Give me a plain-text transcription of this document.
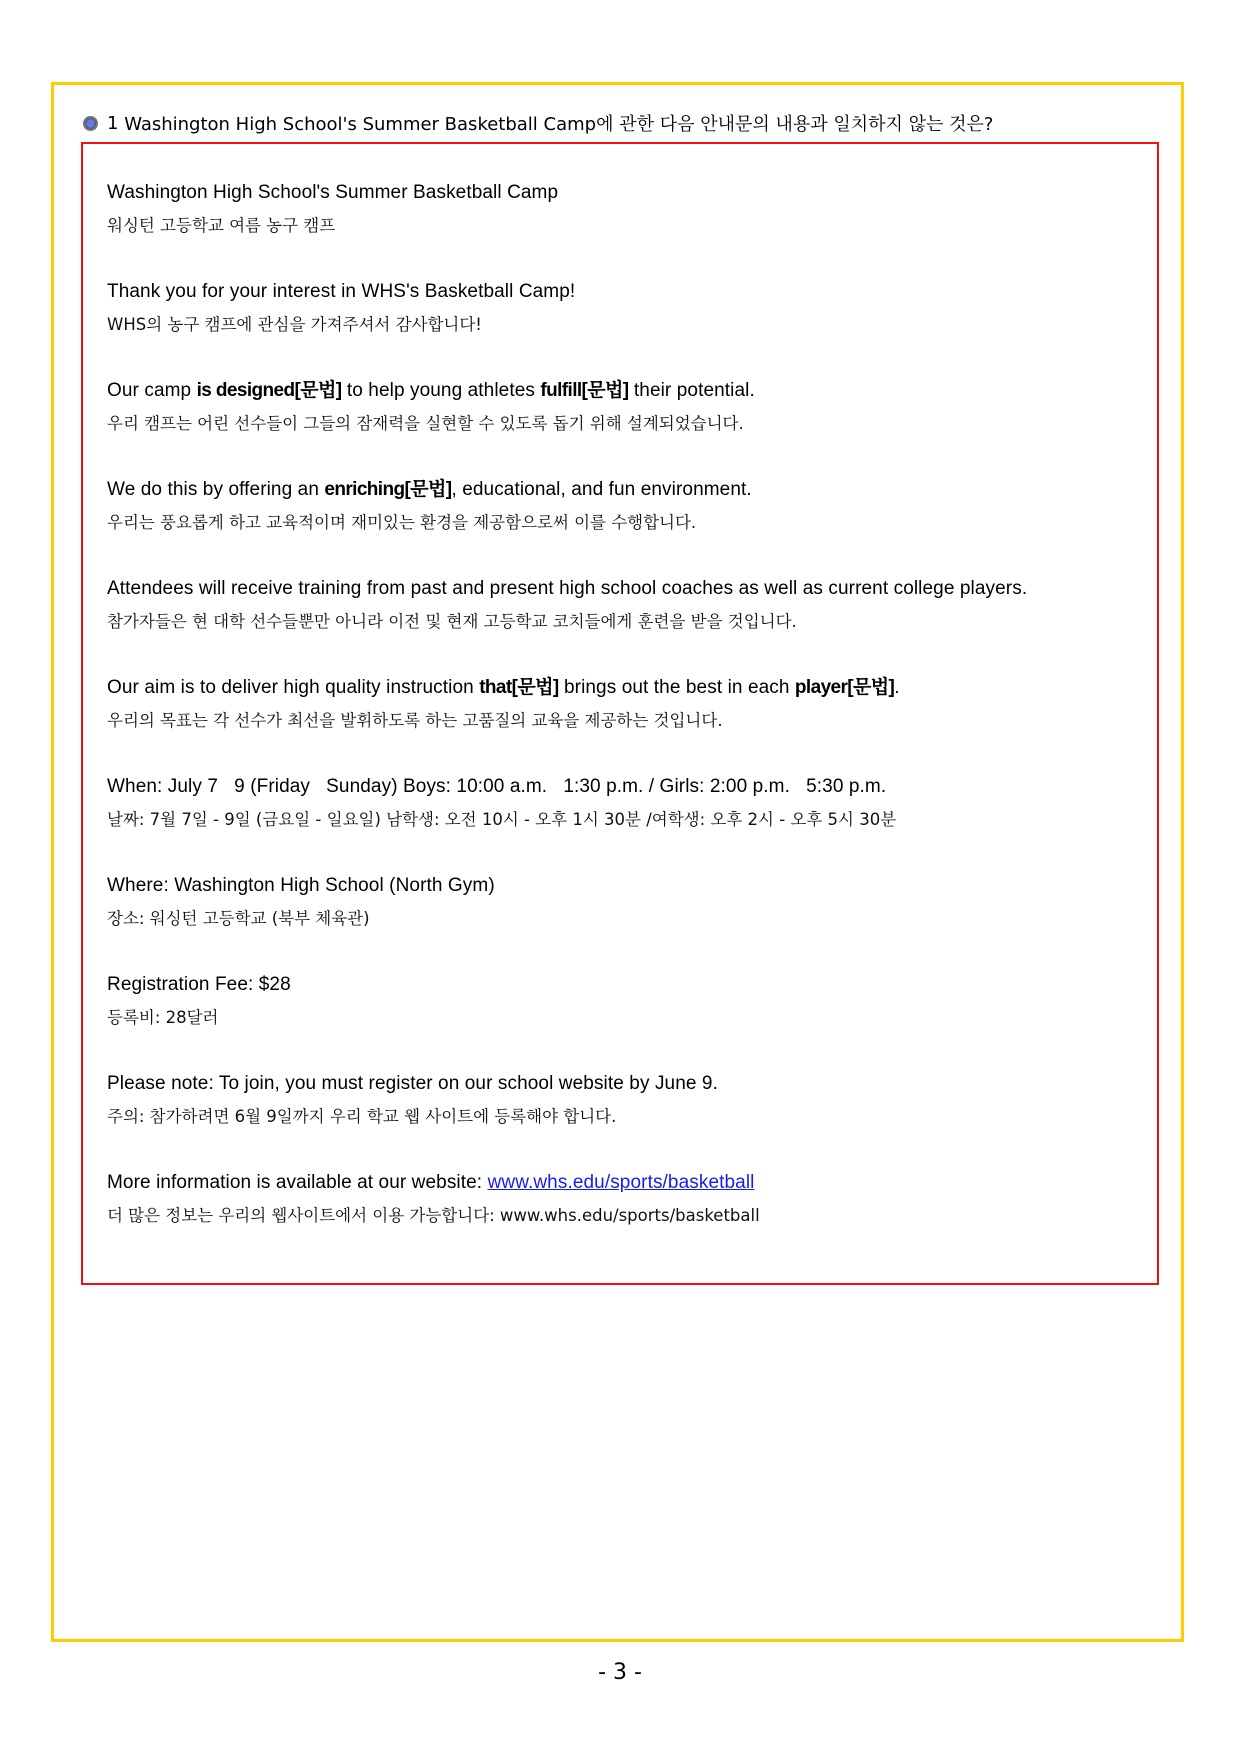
1
Washington High School's Summer Basketball Camp에 관한 다음 안내문의 내용과 일치하지 않는 것은?
Washington High School's Summer Basketball Camp
워싱턴 고등학교 여름 농구 캠프
Thank you for your interest in WHS's Basketball Camp!
WHS의 농구 캠프에 관심을 가져주셔서 감사합니다!
Our camp is designed[문법] to help young athletes fulfill[문법] their potential.
우리 캠프는 어린 선수들이 그들의 잠재력을 실현할 수 있도록 돕기 위해 설계되었습니다.
We do this by offering an enriching[문법], educational, and fun environment.
우리는 풍요롭게 하고 교육적이며 재미있는 환경을 제공함으로써 이를 수행합니다.
Attendees will receive training from past and present high school coaches as well as current college players.
참가자들은 현 대학 선수들뿐만 아니라 이전 및 현재 고등학교 코치들에게 훈련을 받을 것입니다.
Our aim is to deliver high quality instruction that[문법] brings out the best in each player[문법].
우리의 목표는 각 선수가 최선을 발휘하도록 하는 고품질의 교육을 제공하는 것입니다.
When: July 7   9 (Friday   Sunday) Boys: 10:00 a.m.   1:30 p.m. / Girls: 2:00 p.m.   5:30 p.m.
날짜: 7월 7일 - 9일 (금요일 - 일요일) 남학생: 오전 10시 - 오후 1시 30분 /여학생: 오후 2시 - 오후 5시 30분
Where: Washington High School (North Gym)
장소: 워싱턴 고등학교 (북부 체육관)
Registration Fee: $28
등록비: 28달러
Please note: To join, you must register on our school website by June 9.
주의: 참가하려면 6월 9일까지 우리 학교 웹 사이트에 등록해야 합니다.
More information is available at our website: www.whs.edu/sports/basketball
더 많은 정보는 우리의 웹사이트에서 이용 가능합니다: www.whs.edu/sports/basketball
- 3 -
